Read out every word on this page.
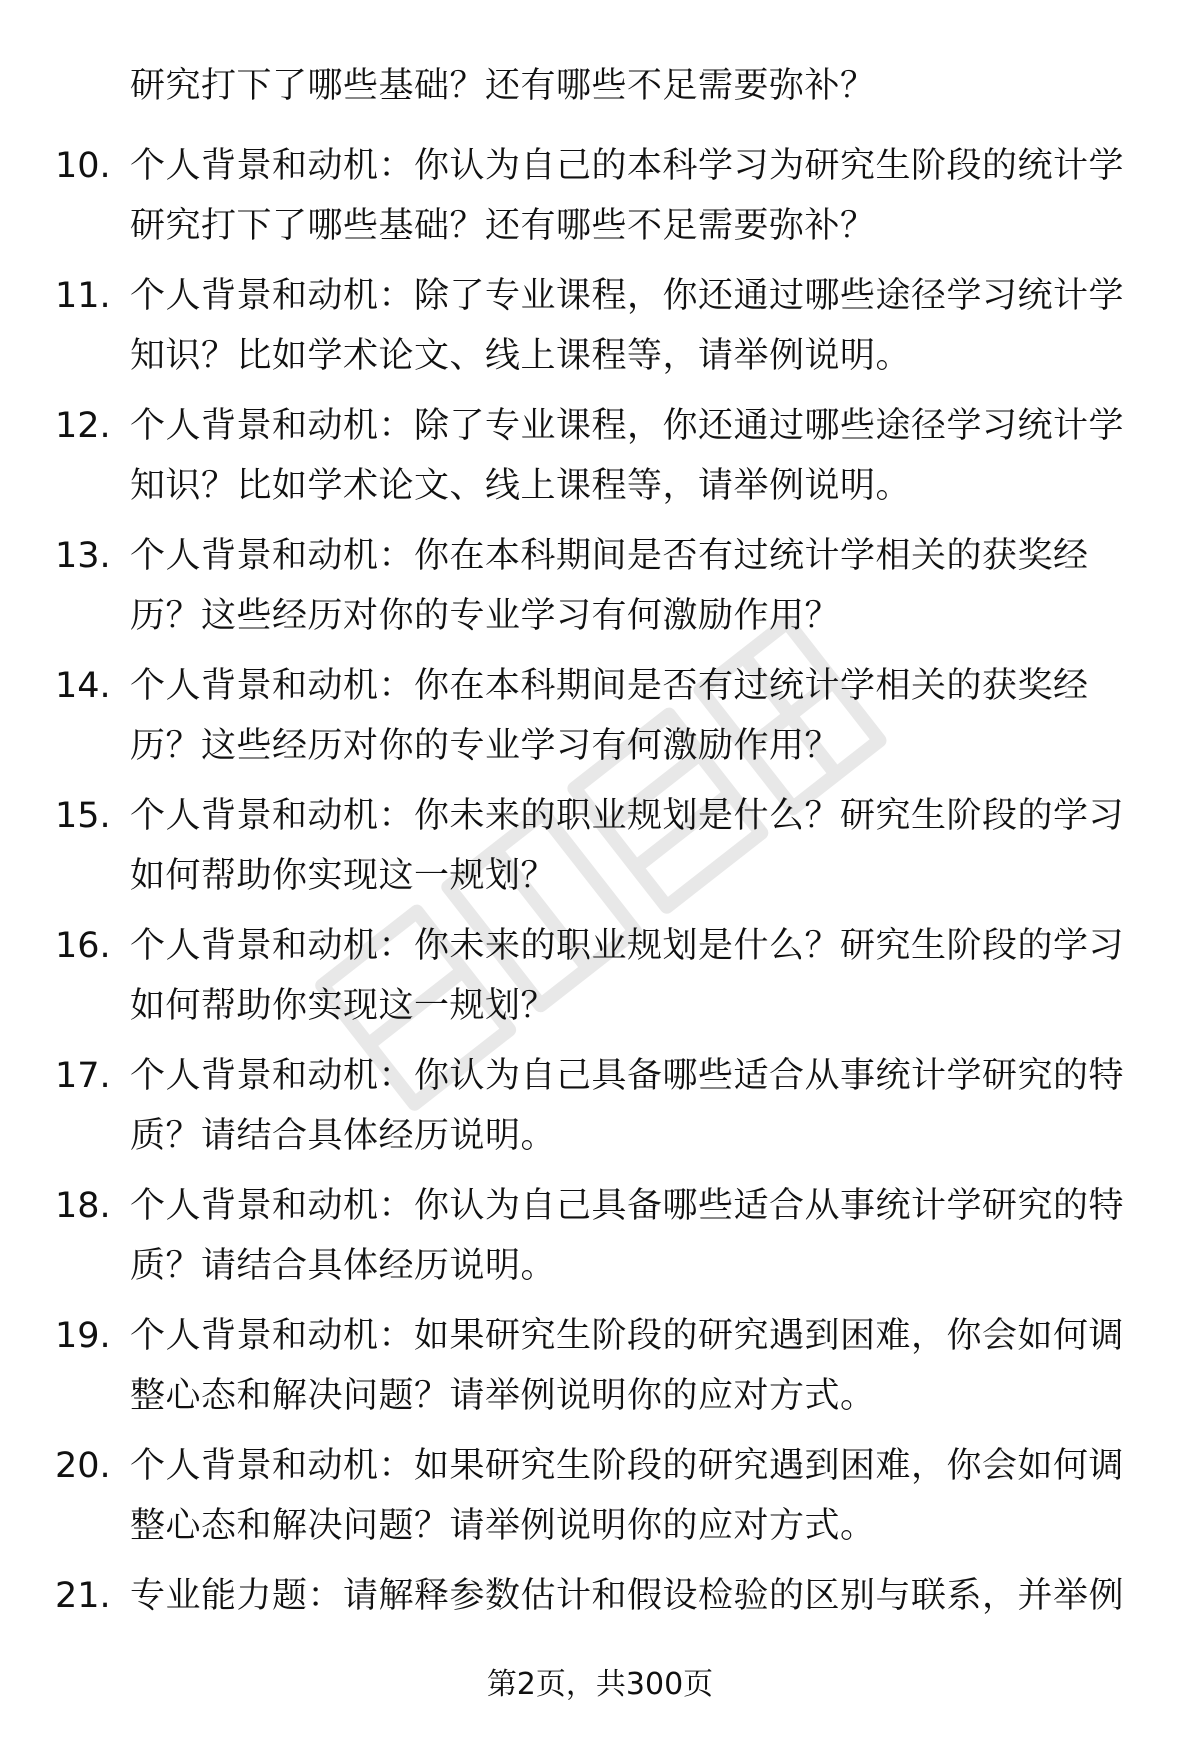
研究打下了哪些基础？还有哪些不足需要弥补？
10. 个人背景和动机：你认为自己的本科学习为研究生阶段的统计学
研究打下了哪些基础？还有哪些不足需要弥补？
11. 个人背景和动机：除了专业课程，你还通过哪些途径学习统计学
知识？比如学术论文、线上课程等，请举例说明。
12. 个人背景和动机：除了专业课程，你还通过哪些途径学习统计学
知识？比如学术论文、线上课程等，请举例说明。
13. 个人背景和动机：你在本科期间是否有过统计学相关的获奖经
历？这些经历对你的专业学习有何激励作用？
14. 个人背景和动机：你在本科期间是否有过统计学相关的获奖经
历？这些经历对你的专业学习有何激励作用？
15. 个人背景和动机：你未来的职业规划是什么？研究生阶段的学习
如何帮助你实现这一规划？
16. 个人背景和动机：你未来的职业规划是什么？研究生阶段的学习
如何帮助你实现这一规划？
17. 个人背景和动机：你认为自己具备哪些适合从事统计学研究的特
质？请结合具体经历说明。
18. 个人背景和动机：你认为自己具备哪些适合从事统计学研究的特
质？请结合具体经历说明。
19. 个人背景和动机：如果研究生阶段的研究遇到困难，你会如何调
整心态和解决问题？请举例说明你的应对方式。
20. 个人背景和动机：如果研究生阶段的研究遇到困难，你会如何调
整心态和解决问题？请举例说明你的应对方式。
21. 专业能力题：请解释参数估计和假设检验的区别与联系，并举例
第2页，共300页
